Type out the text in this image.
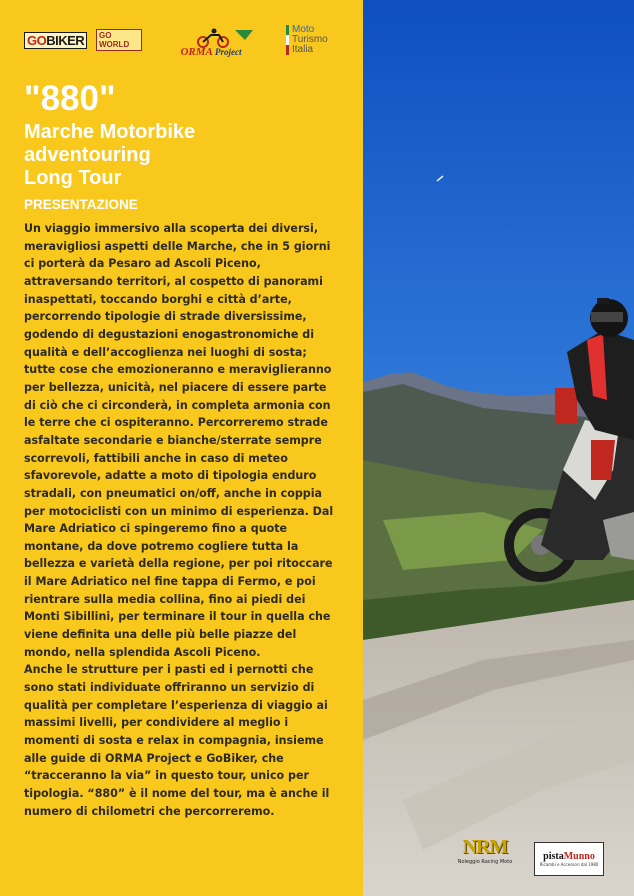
GOBIKER	GO WORLD
ORMA Project
Moto
Turismo
Italia
"880"
Marche Motorbike
adventouring
Long Tour
PRESENTAZIONE

Un viaggio immersivo alla scoperta dei diversi, meravigliosi aspetti delle Marche, che in 5 giorni ci porterà da Pesaro ad Ascoli Piceno, attraversando territori, al cospetto di panorami inaspettati, toccando borghi e città d’arte, percorrendo tipologie di strade diversissime, godendo di degustazioni enogastronomiche di qualità e dell’accoglienza nei luoghi di sosta; tutte cose che emozioneranno e meraviglieranno per bellezza, unicità, nel piacere di essere parte di ciò che ci circonderà, in completa armonia con le terre che ci ospiteranno. Percorreremo strade asfaltate secondarie e bianche/sterrate sempre scorrevoli, fattibili anche in caso di meteo sfavorevole, adatte a moto di tipologia enduro stradali, con pneumatici on/off, anche in coppia per motociclisti con un minimo di esperienza. Dal Mare Adriatico ci spingeremo fino a quote montane, da dove potremo cogliere tutta la bellezza e varietà della regione, per poi ritoccare il Mare Adriatico nel fine tappa di Fermo, e poi rientrare sulla media collina, fino ai piedi dei Monti Sibillini, per terminare il tour in quella che viene definita una delle più belle piazze del mondo, nella splendida Ascoli Piceno.

Anche le strutture per i pasti ed i pernotti che sono stati individuate offriranno un servizio di qualità per completare l’esperienza di viaggio ai massimi livelli, per condividere al meglio i momenti di sosta e relax in compagnia, insieme alle guide di ORMA Project e GoBiker, che “tracceranno la via” in questo tour, unico per tipologia. “880” è il nome del tour, ma è anche il numero di chilometri che percorreremo.

NRM
Noleggio Racing Moto	pistaMunno
Ricambi e Accessori dal 1980
